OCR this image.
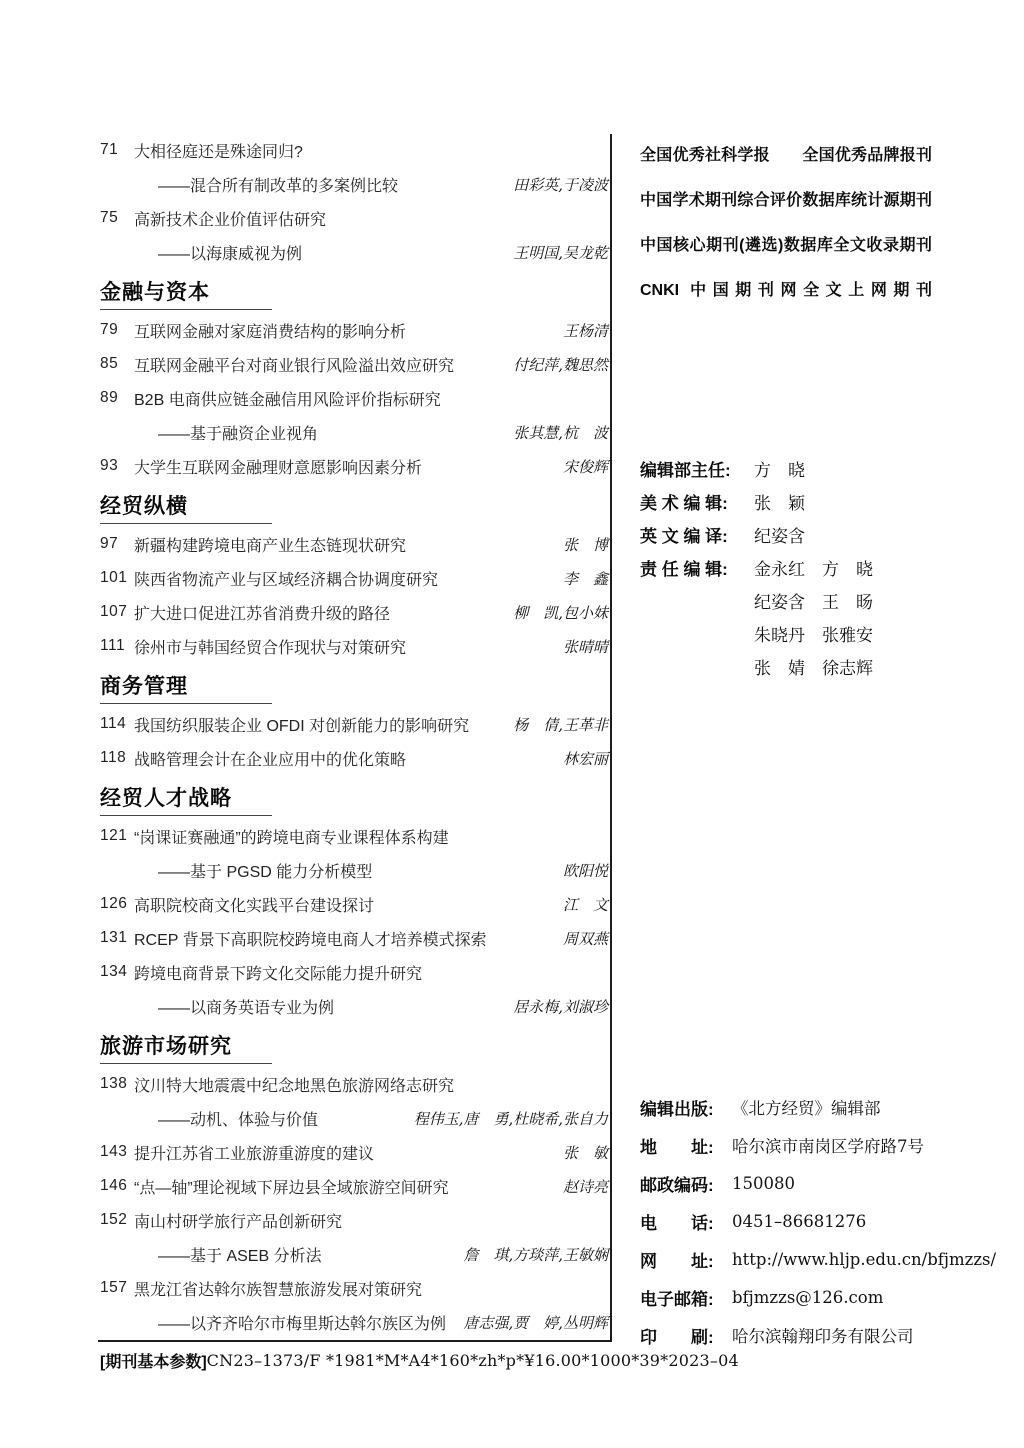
71 大相径庭还是殊途同归?
——混合所有制改革的多案例比较	田彩英,于凌波
75 高新技术企业价值评估研究
——以海康威视为例	王明国,吴龙乾
金融与资本
79 互联网金融对家庭消费结构的影响分析	王杨清
85 互联网金融平台对商业银行风险溢出效应研究	付纪萍,魏思然
89 B2B 电商供应链金融信用风险评价指标研究
——基于融资企业视角	张其慧,杭　波
93 大学生互联网金融理财意愿影响因素分析	宋俊辉
经贸纵横
97 新疆构建跨境电商产业生态链现状研究	张　博
101 陕西省物流产业与区域经济耦合协调度研究	李　鑫
107 扩大进口促进江苏省消费升级的路径	柳　凯,包小妹
111 徐州市与韩国经贸合作现状与对策研究	张晴晴
商务管理
114 我国纺织服装企业 OFDI 对创新能力的影响研究	杨　倩,王革非
118 战略管理会计在企业应用中的优化策略	林宏丽
经贸人才战略
121 “岗课证赛融通”的跨境电商专业课程体系构建
——基于 PGSD 能力分析模型	欧阳悦
126 高职院校商文化实践平台建设探讨	江　文
131 RCEP 背景下高职院校跨境电商人才培养模式探索	周双燕
134 跨境电商背景下跨文化交际能力提升研究
——以商务英语专业为例	居永梅,刘淑珍
旅游市场研究
138 汶川特大地震震中纪念地黑色旅游网络志研究
——动机、体验与价值	程伟玉,唐　勇,杜晓希,张自力
143 提升江苏省工业旅游重游度的建议	张　敏
146 “点—轴”理论视域下屏边县全域旅游空间研究	赵诗亮
152 南山村研学旅行产品创新研究
——基于 ASEB 分析法	詹　琪,方琰萍,王敏娴
157 黑龙江省达斡尔族智慧旅游发展对策研究
——以齐齐哈尔市梅里斯达斡尔族区为例 唐志强,贾　婷,丛明辉
全国优秀社科学报　　全国优秀品牌报刊
中国学术期刊综合评价数据库统计源期刊
中国核心期刊(遴选)数据库全文收录期刊
CNKI 中国期刊网全文上网期刊
编辑部主任:	方　晓
美 术 编 辑:	张　颖
英 文 编 译:	纪姿含
责 任 编 辑:	金永红　方　晓
纪姿含　王　旸
朱晓丹　张雅安
张　婧　徐志辉
编辑出版:	《北方经贸》编辑部
地　　址:	哈尔滨市南岗区学府路7号
邮政编码:	150080
电　　话:	0451–86681276
网　　址:	http://www.hljp.edu.cn/bfjmzzs/
电子邮箱:	bfjmzzs@126.com
印　　刷:	哈尔滨翰翔印务有限公司
[期刊基本参数] CN23–1373/F *1981*M*A4*160*zh*p*¥16.00*1000*39*2023–04
